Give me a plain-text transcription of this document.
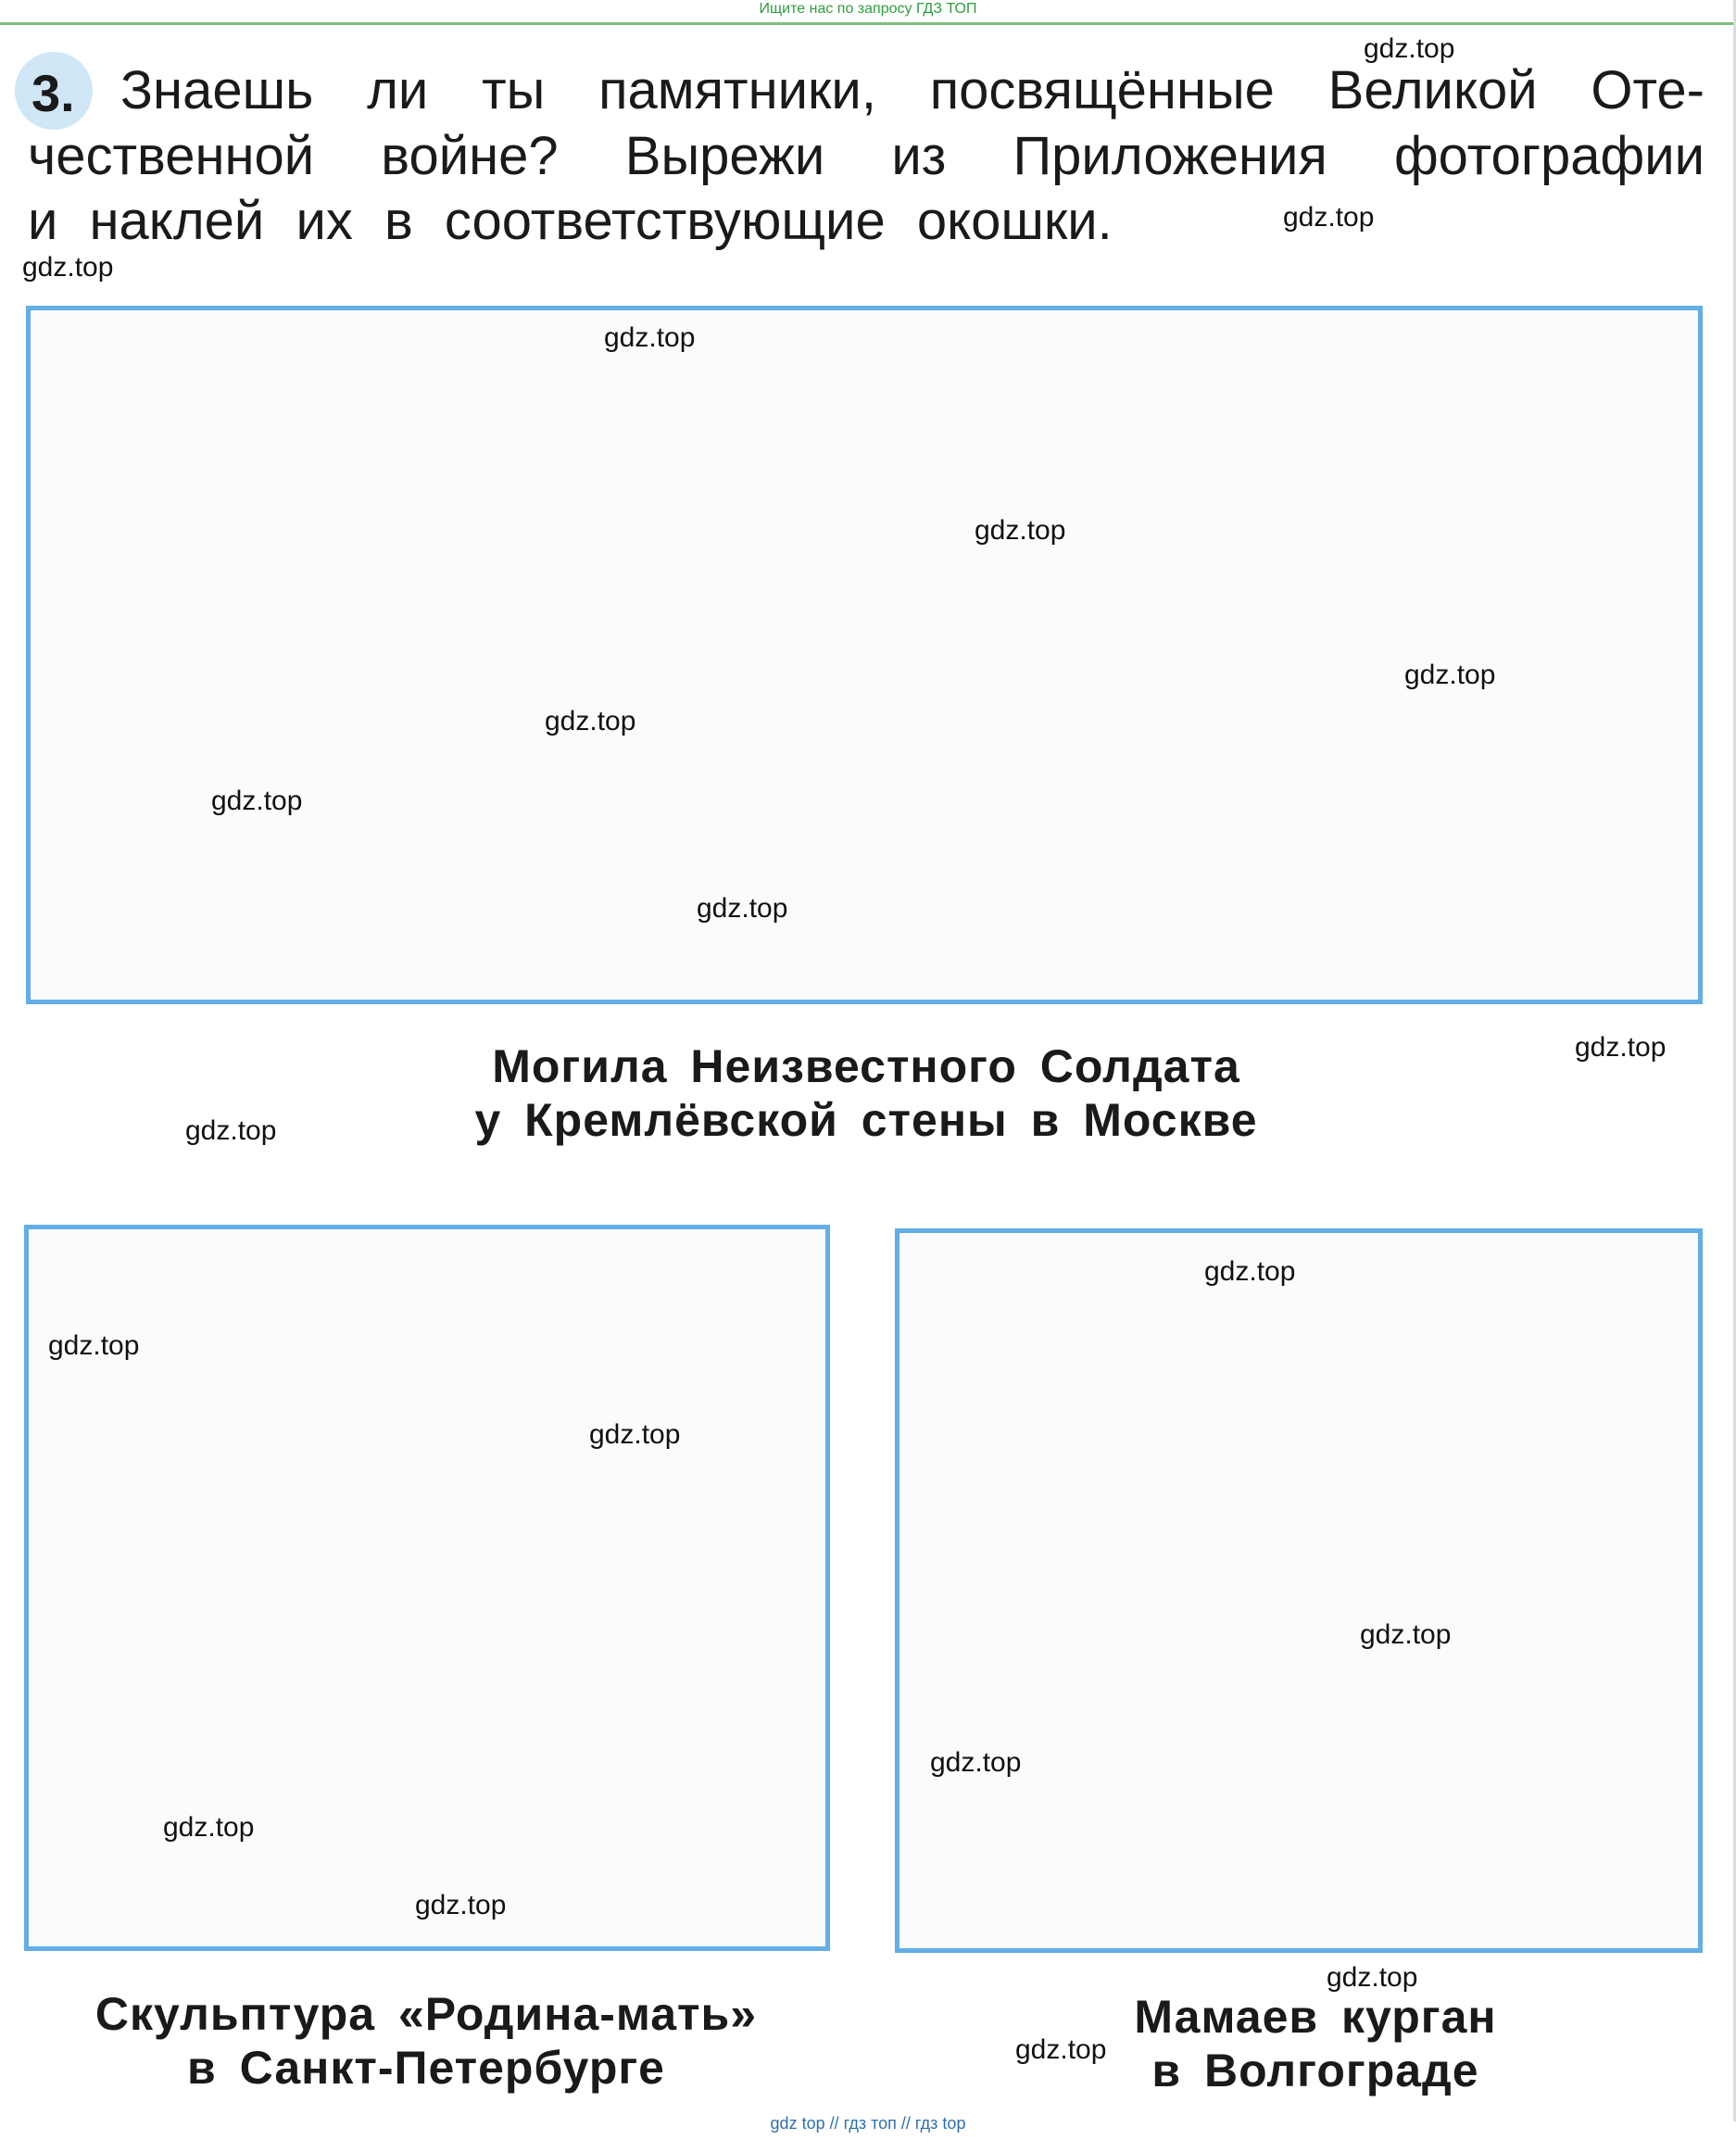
Ищите нас по запросу ГДЗ ТОП
3. Знаешь ли ты памятники, посвящённые Великой Оте-
чественной войне? Вырежи из Приложения фотографии
и наклей их в соответствующие окошки.
Могила Неизвестного Солдата
у Кремлёвской стены в Москве
Скульптура «Родина-мать»
в Санкт-Петербурге
Мамаев курган
в Волгограде
gdz.top
gdz.top
gdz.top
gdz.top
gdz.top
gdz.top
gdz.top
gdz.top
gdz.top
gdz.top
gdz.top
gdz.top
gdz.top
gdz.top
gdz.top
gdz.top
gdz.top
gdz.top
gdz.top
gdz.top
gdz top // гдз топ // гдз top
